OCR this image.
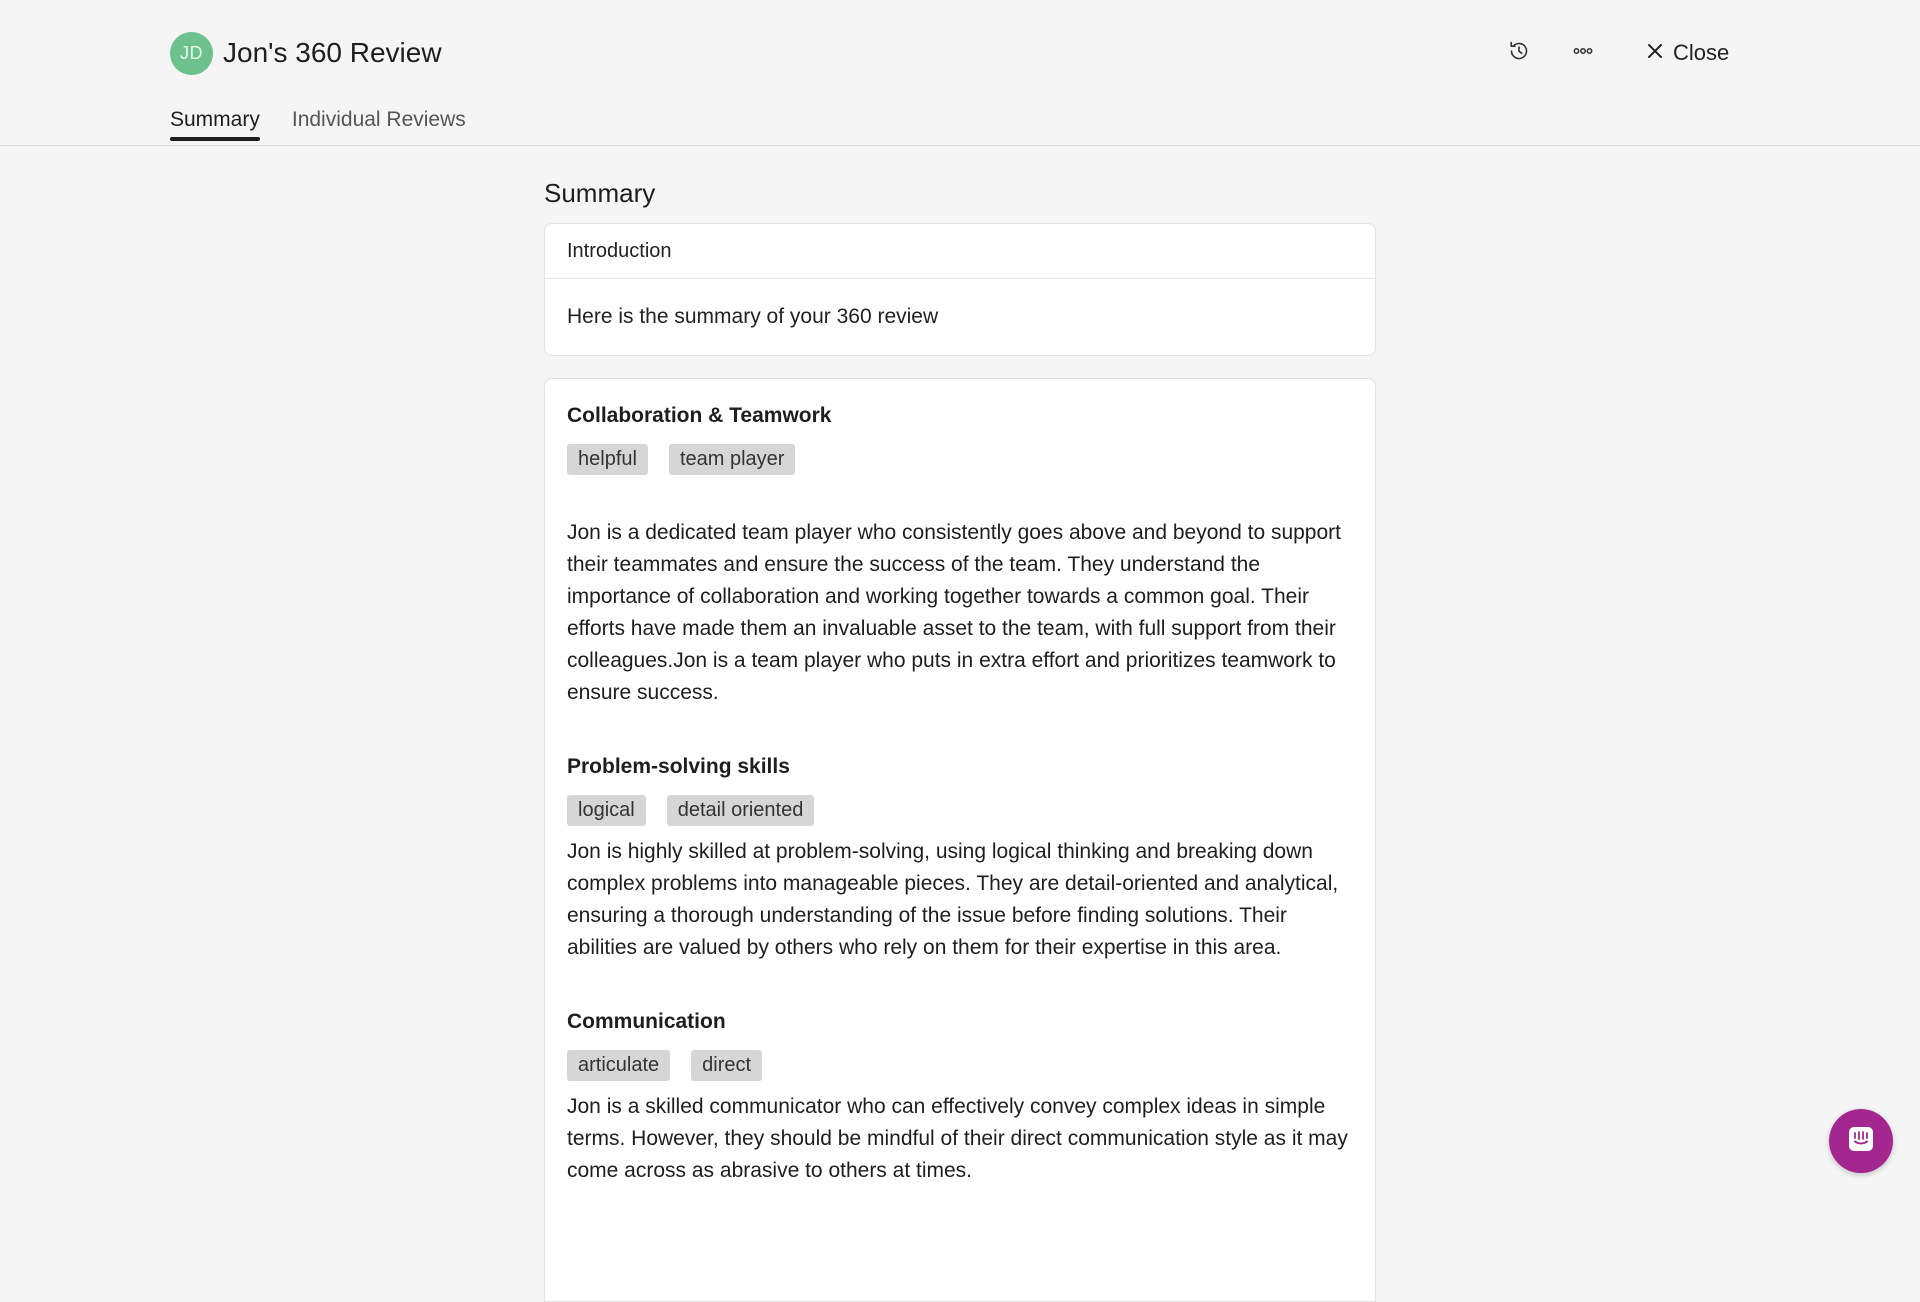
JD Jon's 360 Review	Close
Summary Individual Reviews
Summary
Introduction
Here is the summary of your 360 review
Collaboration & Teamwork
helpful	team player

Jon is a dedicated team player who consistently goes above and beyond to support their teammates and ensure the success of the team. They understand the importance of collaboration and working together towards a common goal. Their efforts have made them an invaluable asset to the team, with full support from their colleagues.Jon is a team player who puts in extra effort and prioritizes teamwork to ensure success.

Problem-solving skills
logical	detail oriented

Jon is highly skilled at problem-solving, using logical thinking and breaking down complex problems into manageable pieces. They are detail-oriented and analytical, ensuring a thorough understanding of the issue before finding solutions. Their abilities are valued by others who rely on them for their expertise in this area.

Communication
articulate	direct

Jon is a skilled communicator who can effectively convey complex ideas in simple terms. However, they should be mindful of their direct communication style as it may come across as abrasive to others at times.
